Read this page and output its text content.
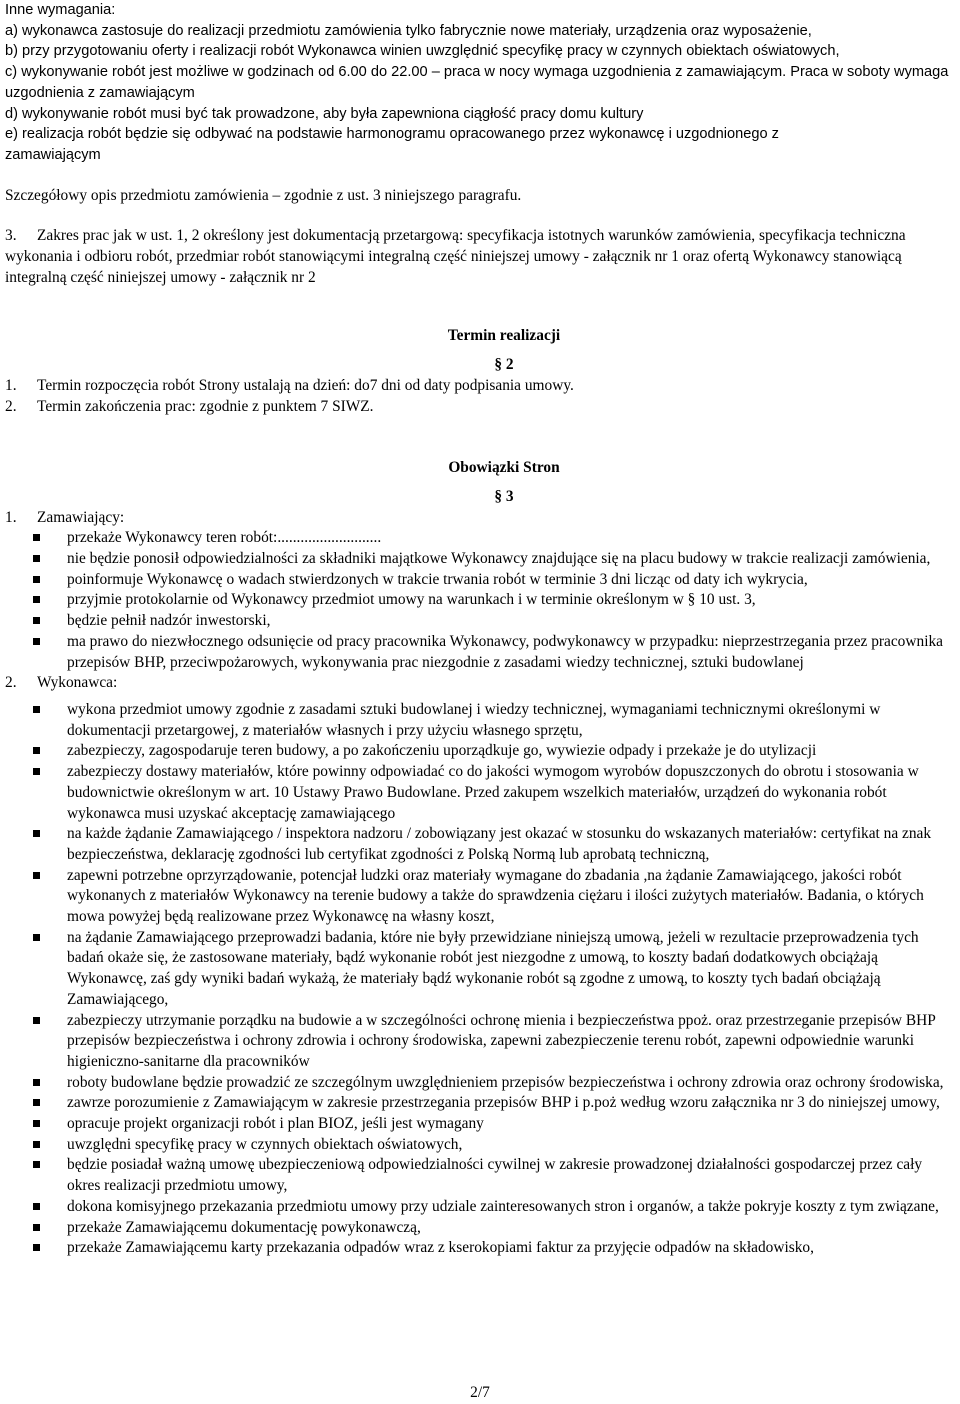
Inne wymagania:

a) wykonawca zastosuje do realizacji przedmiotu zamówienia tylko fabrycznie nowe materiały, urządzenia oraz wyposażenie,

b) przy przygotowaniu oferty i realizacji robót Wykonawca winien uwzględnić specyfikę pracy w czynnych obiektach oświatowych,

c) wykonywanie robót jest możliwe w godzinach od 6.00 do 22.00 – praca w nocy wymaga uzgodnienia z zamawiającym. Praca w soboty wymaga uzgodnienia z zamawiającym

d) wykonywanie robót musi być tak prowadzone, aby była zapewniona ciągłość pracy domu kultury

e) realizacja robót będzie się odbywać na podstawie harmonogramu opracowanego przez wykonawcę i uzgodnionego z zamawiającym

Szczegółowy opis przedmiotu zamówienia – zgodnie z ust. 3 niniejszego paragrafu.

3. Zakres prac jak w ust. 1, 2 określony jest dokumentacją przetargową: specyfikacja istotnych warunków zamówienia, specyfikacja techniczna wykonania i odbioru robót, przedmiar robót stanowiącymi integralną część niniejszej umowy - załącznik nr 1 oraz ofertą Wykonawcy stanowiącą integralną część niniejszej umowy - załącznik nr 2

Termin realizacji

§ 2

1. Termin rozpoczęcia robót Strony ustalają na dzień: do7 dni od daty podpisania umowy.

2. Termin zakończenia prac: zgodnie z punktem 7 SIWZ.

Obowiązki Stron

§ 3

1. Zamawiający:

przekaże Wykonawcy teren robót:...........................
nie będzie ponosił odpowiedzialności za składniki majątkowe Wykonawcy znajdujące się na placu budowy w trakcie realizacji zamówienia,
poinformuje Wykonawcę o wadach stwierdzonych w trakcie trwania robót w terminie 3 dni licząc od daty ich wykrycia,
przyjmie protokolarnie od Wykonawcy przedmiot umowy na warunkach i w terminie określonym w § 10 ust. 3,
będzie pełnił nadzór inwestorski,
ma prawo do niezwłocznego odsunięcie od pracy pracownika Wykonawcy, podwykonawcy w przypadku: nieprzestrzegania przez pracownika przepisów BHP, przeciwpożarowych, wykonywania prac niezgodnie z zasadami wiedzy technicznej, sztuki budowlanej

2. Wykonawca:

wykona przedmiot umowy zgodnie z zasadami sztuki budowlanej i wiedzy technicznej, wymaganiami technicznymi określonymi w dokumentacji przetargowej, z materiałów własnych i przy użyciu własnego sprzętu,
zabezpieczy, zagospodaruje teren budowy, a po zakończeniu uporządkuje go, wywiezie odpady i przekaże je do utylizacji
zabezpieczy dostawy materiałów, które powinny odpowiadać co do jakości wymogom wyrobów dopuszczonych do obrotu i stosowania w budownictwie określonym w art. 10 Ustawy Prawo Budowlane. Przed zakupem wszelkich materiałów, urządzeń do wykonania robót wykonawca musi uzyskać akceptację zamawiającego
na każde żądanie Zamawiającego / inspektora nadzoru / zobowiązany jest okazać w stosunku do wskazanych materiałów: certyfikat na znak bezpieczeństwa, deklarację zgodności lub certyfikat zgodności z Polską Normą lub aprobatą techniczną,
zapewni potrzebne oprzyrządowanie, potencjał ludzki oraz materiały wymagane do zbadania ,na żądanie Zamawiającego, jakości robót wykonanych z materiałów Wykonawcy na terenie budowy a także do sprawdzenia ciężaru i ilości zużytych materiałów. Badania, o których mowa powyżej będą realizowane przez Wykonawcę na własny koszt,
na żądanie Zamawiającego przeprowadzi badania, które nie były przewidziane niniejszą umową, jeżeli w rezultacie przeprowadzenia tych badań okaże się, że zastosowane materiały, bądź wykonanie robót jest niezgodne z umową, to koszty badań dodatkowych obciążają Wykonawcę, zaś gdy wyniki badań wykażą, że materiały bądź wykonanie robót są zgodne z umową, to koszty tych badań obciążają Zamawiającego,
zabezpieczy utrzymanie porządku na budowie a w szczególności ochronę mienia i bezpieczeństwa ppoż. oraz przestrzeganie przepisów BHP przepisów bezpieczeństwa i ochrony zdrowia i ochrony środowiska, zapewni zabezpieczenie terenu robót, zapewni odpowiednie warunki higieniczno-sanitarne dla pracowników
roboty budowlane będzie prowadzić ze szczególnym uwzględnieniem przepisów bezpieczeństwa i ochrony zdrowia oraz ochrony środowiska,
zawrze porozumienie z Zamawiającym w zakresie przestrzegania przepisów BHP i p.poż według wzoru załącznika nr 3 do niniejszej umowy,
opracuje projekt organizacji robót i plan BIOZ, jeśli jest wymagany
uwzględni specyfikę pracy w czynnych obiektach oświatowych,
będzie posiadał ważną umowę ubezpieczeniową odpowiedzialności cywilnej w zakresie prowadzonej działalności gospodarczej przez cały okres realizacji przedmiotu umowy,
dokona komisyjnego przekazania przedmiotu umowy przy udziale zainteresowanych stron i organów, a także pokryje koszty z tym związane,
przekaże Zamawiającemu dokumentację powykonawczą,
przekaże Zamawiającemu karty przekazania odpadów wraz z kserokopiami faktur za przyjęcie odpadów na składowisko,
2/7
